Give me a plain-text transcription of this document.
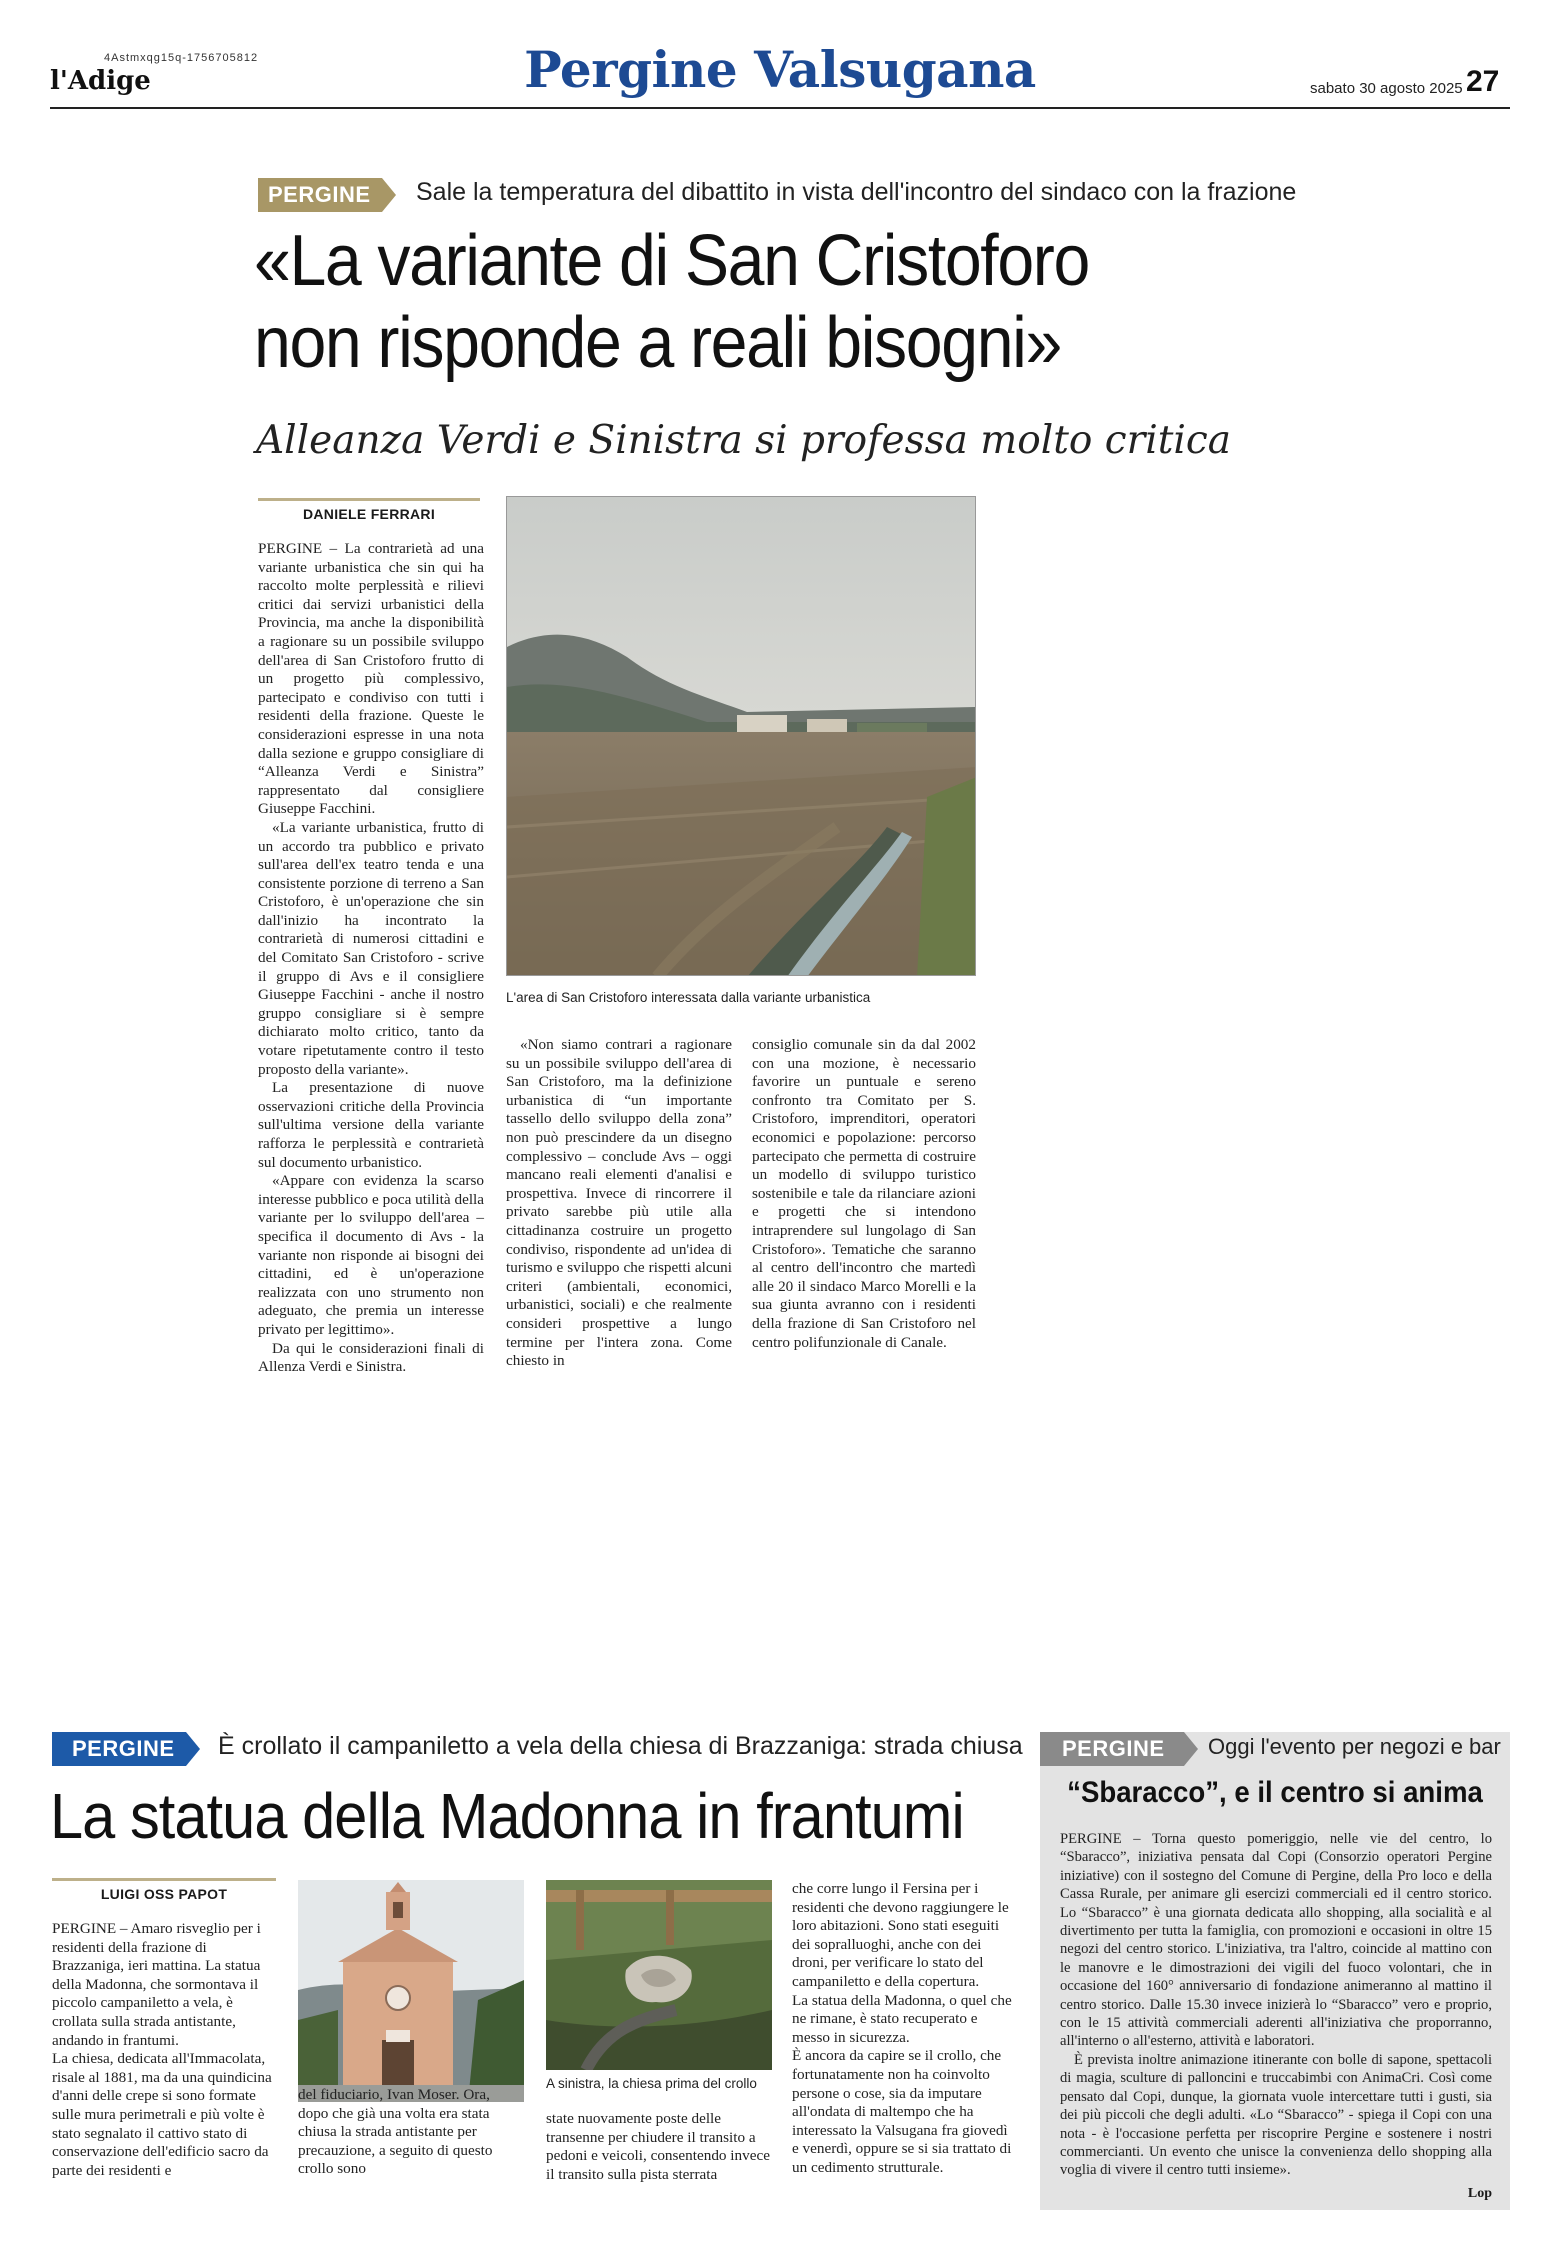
4Astmxqg15q-1756705812
l'Adige	Pergine Valsugana	sabato 30 agosto 2025 27
PERGINE Sale la temperatura del dibattito in vista dell'incontro del sindaco con la frazione
«La variante di San Cristoforo
non risponde a reali bisogni»
Alleanza Verdi e Sinistra si professa molto critica
DANIELE FERRARI

PERGINE – La contrarietà ad una variante urbanistica che sin qui ha raccolto molte perplessità e rilievi critici dai servizi urbanistici della Provincia, ma anche la disponibilità a ragionare su un possibile sviluppo dell'area di San Cristoforo frutto di un progetto più complessivo, partecipato e condiviso con tutti i residenti della frazione. Queste le considerazioni espresse in una nota dalla sezione e gruppo consigliare di “Alleanza Verdi e Sinistra” rappresentato dal consigliere Giuseppe Facchini.

«La variante urbanistica, frutto di un accordo tra pubblico e privato sull'area dell'ex teatro tenda e una consistente porzione di terreno a San Cristoforo, è un'operazione che sin dall'inizio ha incontrato la contrarietà di numerosi cittadini e del Comitato San Cristoforo - scrive il gruppo di Avs e il consigliere Giuseppe Facchini - anche il nostro gruppo consigliare si è sempre dichiarato molto critico, tanto da votare ripetutamente contro il testo proposto della variante».

La presentazione di nuove osservazioni critiche della Provincia sull'ultima versione della variante rafforza le perplessità e contrarietà sul documento urbanistico.

«Appare con evidenza la scarso interesse pubblico e poca utilità della variante per lo sviluppo dell'area – specifica il documento di Avs - la variante non risponde ai bisogni dei cittadini, ed è un'operazione realizzata con uno strumento non adeguato, che premia un interesse privato per legittimo».

Da qui le considerazioni finali di Allenza Verdi e Sinistra.

L'area di San Cristoforo interessata dalla variante urbanistica

«Non siamo contrari a ragionare su un possibile sviluppo dell'area di San Cristoforo, ma la definizione urbanistica di “un importante tassello dello sviluppo della zona” non può prescindere da un disegno complessivo – conclude Avs – oggi mancano reali elementi d'analisi e prospettiva. Invece di rincorrere il privato sarebbe più utile alla cittadinanza costruire un progetto condiviso, rispondente ad un'idea di turismo e sviluppo che rispetti alcuni criteri (ambientali, economici, urbanistici, sociali) e che realmente consideri prospettive a lungo termine per l'intera zona. Come chiesto in

consiglio comunale sin da dal 2002 con una mozione, è necessario favorire un puntuale e sereno confronto tra Comitato per S. Cristoforo, imprenditori, operatori economici e popolazione: percorso partecipato che permetta di costruire un modello di sviluppo turistico sostenibile e tale da rilanciare azioni e progetti che si intendono intraprendere sul lungolago di San Cristoforo». Tematiche che saranno al centro dell'incontro che martedì alle 20 il sindaco Marco Morelli e la sua giunta avranno con i residenti della frazione di San Cristoforo nel centro polifunzionale di Canale.

PERGINE È crollato il campaniletto a vela della chiesa di Brazzaniga: strada chiusa
La statua della Madonna in frantumi
LUIGI OSS PAPOT

PERGINE – Amaro risveglio per i residenti della frazione di Brazzaniga, ieri mattina. La statua della Madonna, che sormontava il piccolo campaniletto a vela, è crollata sulla strada antistante, andando in frantumi.

La chiesa, dedicata all'Immacolata, risale al 1881, ma da una quindicina d'anni delle crepe si sono formate sulle mura perimetrali e più volte è stato segnalato il cattivo stato di conservazione dell'edificio sacro da parte dei residenti e

del fiduciario, Ivan Moser. Ora, dopo che già una volta era stata chiusa la strada antistante per precauzione, a seguito di questo crollo sono

A sinistra, la chiesa prima del crollo

state nuovamente poste delle transenne per chiudere il transito a pedoni e veicoli, consentendo invece il transito sulla pista sterrata

che corre lungo il Fersina per i residenti che devono raggiungere le loro abitazioni. Sono stati eseguiti dei sopralluoghi, anche con dei droni, per verificare lo stato del campaniletto e della copertura.

La statua della Madonna, o quel che ne rimane, è stato recuperato e messo in sicurezza.

È ancora da capire se il crollo, che fortunatamente non ha coinvolto persone o cose, sia da imputare all'ondata di maltempo che ha interessato la Valsugana fra giovedì e venerdì, oppure se si sia trattato di un cedimento strutturale.

PERGINE Oggi l'evento per negozi e bar
“Sbaracco”, e il centro si anima

PERGINE – Torna questo pomeriggio, nelle vie del centro, lo “Sbaracco”, iniziativa pensata dal Copi (Consorzio operatori Pergine iniziative) con il sostegno del Comune di Pergine, della Pro loco e della Cassa Rurale, per animare gli esercizi commerciali ed il centro storico. Lo “Sbaracco” è una giornata dedicata allo shopping, alla socialità e al divertimento per tutta la famiglia, con promozioni e occasioni in oltre 15 negozi del centro storico. L'iniziativa, tra l'altro, coincide al mattino con le manovre e le dimostrazioni dei vigili del fuoco volontari, che in occasione del 160° anniversario di fondazione animeranno al mattino il centro storico. Dalle 15.30 invece inizierà lo “Sbaracco” vero e proprio, con le 15 attività commerciali aderenti all'iniziativa che proporranno, all'interno o all'esterno, attività e laboratori.

È prevista inoltre animazione itinerante con bolle di sapone, spettacoli di magia, sculture di palloncini e truccabimbi con AnimaCri. Così come pensato dal Copi, dunque, la giornata vuole intercettare tutti i gusti, sia dei più piccoli che degli adulti. «Lo “Sbaracco” - spiega il Copi con una nota - è l'occasione perfetta per riscoprire Pergine e sostenere i nostri commercianti. Un evento che unisce la convenienza dello shopping alla voglia di vivere il centro tutti insieme».

Lop
